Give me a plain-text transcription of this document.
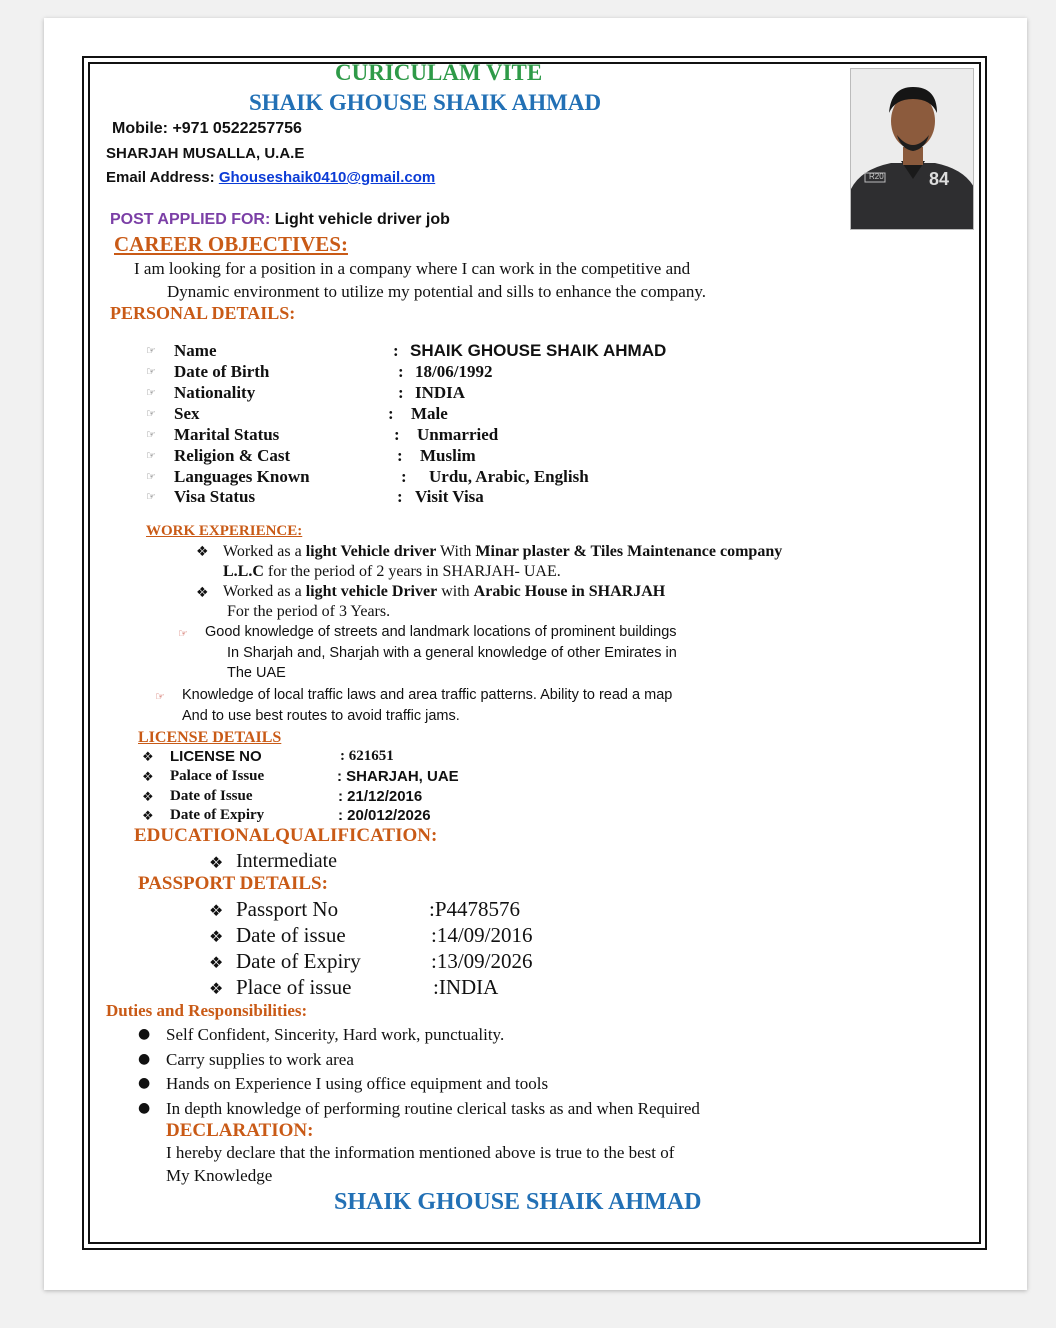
CURICULAM VITE
SHAIK GHOUSE SHAIK AHMAD
Mobile: +971 0522257756
SHARJAH MUSALLA, U.A.E
Email Address: Ghouseshaik0410@gmail.com
POST APPLIED FOR: Light vehicle driver job
R20	84
CAREER OBJECTIVES:
I am looking for a position in a company where I can work in the competitive and
Dynamic environment to utilize my potential and sills to enhance the company.
PERSONAL DETAILS:
☞ Name	: SHAIK GHOUSE SHAIK AHMAD
☞ Date of Birth	: 18/06/1992
☞ Nationality	: INDIA
☞ Sex	: Male
☞ Marital Status	: Unmarried
☞ Religion & Cast	: Muslim
☞ Languages Known	: Urdu, Arabic, English
☞ Visa Status	: Visit Visa
WORK EXPERIENCE:
❖ Worked as a light Vehicle driver With Minar plaster & Tiles Maintenance company
L.L.C for the period of 2 years in SHARJAH- UAE.
❖ Worked as a light vehicle Driver with Arabic House in SHARJAH
For the period of 3 Years.
☞ Good knowledge of streets and landmark locations of prominent buildings
In Sharjah and, Sharjah with a general knowledge of other Emirates in
The UAE
☞ Knowledge of local traffic laws and area traffic patterns. Ability to read a map
And to use best routes to avoid traffic jams.
LICENSE DETAILS
❖ LICENSE NO	: 621651
❖ Palace of Issue	: SHARJAH, UAE
❖ Date of Issue	: 21/12/2016
❖ Date of Expiry	: 20/012/2026
EDUCATIONALQUALIFICATION:
❖ Intermediate
PASSPORT DETAILS:
❖ Passport No	:P4478576
❖ Date of issue	:14/09/2016
❖ Date of Expiry	:13/09/2026
❖ Place of issue	:INDIA
Duties and Responsibilities:
● Self Confident, Sincerity, Hard work, punctuality.
● Carry supplies to work area
● Hands on Experience I using office equipment and tools
● In depth knowledge of performing routine clerical tasks as and when Required
DECLARATION:
I hereby declare that the information mentioned above is true to the best of
My Knowledge
SHAIK GHOUSE SHAIK AHMAD
